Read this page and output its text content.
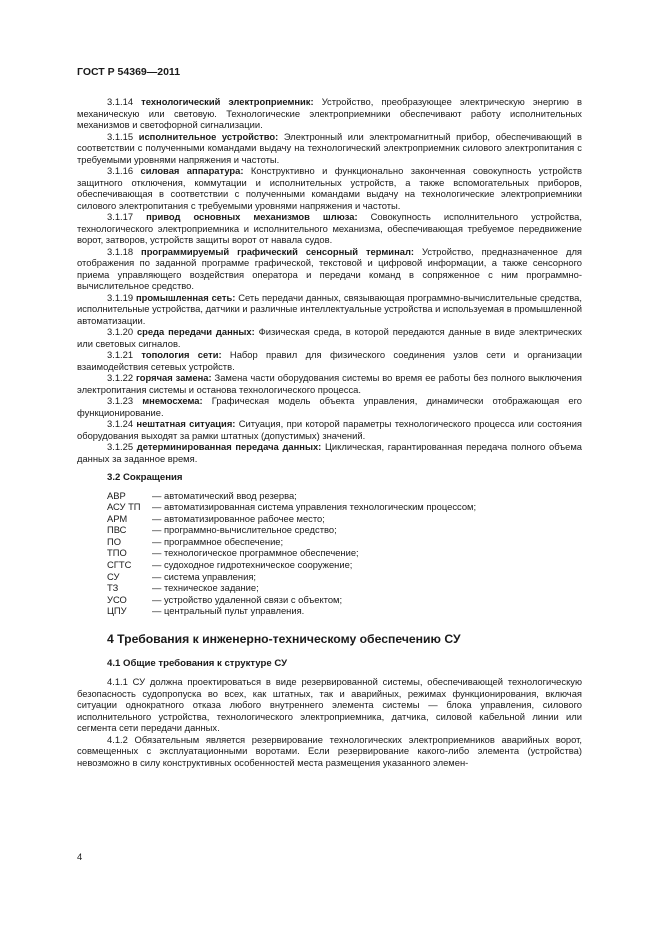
ГОСТ Р 54369—2011

3.1.14 технологический электроприемник: Устройство, преобразующее электрическую энергию в механическую или световую. Технологические электроприемники обеспечивают работу исполнительных механизмов и светофорной сигнализации.

3.1.15 исполнительное устройство: Электронный или электромагнитный прибор, обеспечивающий в соответствии с полученными командами выдачу на технологический электроприемник силового электропитания с требуемыми уровнями напряжения и частоты.

3.1.16 силовая аппаратура: Конструктивно и функционально законченная совокупность устройств защитного отключения, коммутации и исполнительных устройств, а также вспомогательных приборов, обеспечивающая в соответствии с полученными командами выдачу на технологические электроприемники силового электропитания с требуемыми уровнями напряжения и частоты.

3.1.17 привод основных механизмов шлюза: Совокупность исполнительного устройства, технологического электроприемника и исполнительного механизма, обеспечивающая требуемое передвижение ворот, затворов, устройств защиты ворот от навала судов.

3.1.18 программируемый графический сенсорный терминал: Устройство, предназначенное для отображения по заданной программе графической, текстовой и цифровой информации, а также сенсорного приема управляющего воздействия оператора и передачи команд в сопряженное с ним программно-вычислительное средство.

3.1.19 промышленная сеть: Сеть передачи данных, связывающая программно-вычислительные средства, исполнительные устройства, датчики и различные интеллектуальные устройства и используемая в промышленной автоматизации.

3.1.20 среда передачи данных: Физическая среда, в которой передаются данные в виде электрических или световых сигналов.

3.1.21 топология сети: Набор правил для физического соединения узлов сети и организации взаимодействия сетевых устройств.

3.1.22 горячая замена: Замена части оборудования системы во время ее работы без полного выключения электропитания системы и останова технологического процесса.

3.1.23 мнемосхема: Графическая модель объекта управления, динамически отображающая его функционирование.

3.1.24 нештатная ситуация: Ситуация, при которой параметры технологического процесса или состояния оборудования выходят за рамки штатных (допустимых) значений.

3.1.25 детерминированная передача данных: Циклическая, гарантированная передача полного объема данных за заданное время.

3.2 Сокращения
АВР	— автоматический ввод резерва;
АСУ ТП	— автоматизированная система управления технологическим процессом;
АРМ	— автоматизированное рабочее место;
ПВС	— программно-вычислительное средство;
ПО	— программное обеспечение;
ТПО	— технологическое программное обеспечение;
СГТС	— судоходное гидротехническое сооружение;
СУ	— система управления;
ТЗ	— техническое задание;
УСО	— устройство удаленной связи с объектом;
ЦПУ	— центральный пульт управления.
4 Требования к инженерно-техническому обеспечению СУ
4.1 Общие требования к структуре СУ

4.1.1 СУ должна проектироваться в виде резервированной системы, обеспечивающей технологическую безопасность судопропуска во всех, как штатных, так и аварийных, режимах функционирования, включая ситуации однократного отказа любого внутреннего элемента системы — блока управления, силового исполнительного устройства, технологического электроприемника, датчика, силовой кабельной линии или сегмента сети передачи данных.

4.1.2 Обязательным является резервирование технологических электроприемников аварийных ворот, совмещенных с эксплуатационными воротами. Если резервирование какого-либо элемента (устройства) невозможно в силу конструктивных особенностей места размещения указанного элемен-

4
